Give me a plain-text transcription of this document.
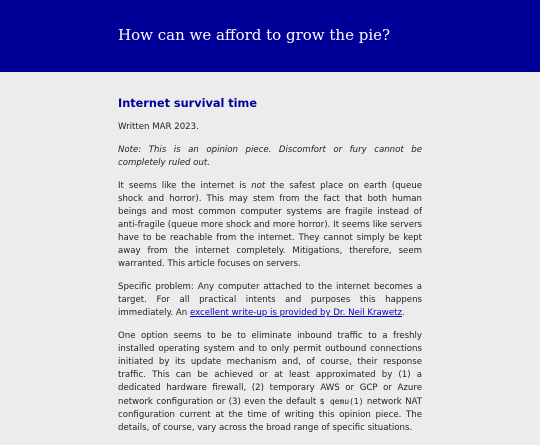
How can we afford to grow the pie?
Internet survival time

Written MAR 2023.

Note: This is an opinion piece. Discomfort or fury cannot be completely ruled out.

It seems like the internet is not the safest place on earth (queue shock and horror). This may stem from the fact that both human beings and most common computer systems are fragile instead of anti-fragile (queue more shock and more horror). It seems like servers have to be reachable from the internet. They cannot simply be kept away from the internet completely. Mitigations, therefore, seem warranted. This article focuses on servers.

Specific problem: Any computer attached to the internet becomes a target. For all practical intents and purposes this happens immediately. An excellent write-up is provided by Dr. Neil Krawetz.

One option seems to be to eliminate inbound traffic to a freshly installed operating system and to only permit outbound connections initiated by its update mechanism and, of course, their response traffic. This can be achieved or at least approximated by (1) a dedicated hardware firewall, (2) temporary AWS or GCP or Azure network configuration or (3) even the default $ qemu(1) network NAT configuration current at the time of writing this opinion piece. The details, of course, vary across the broad range of specific situations.
